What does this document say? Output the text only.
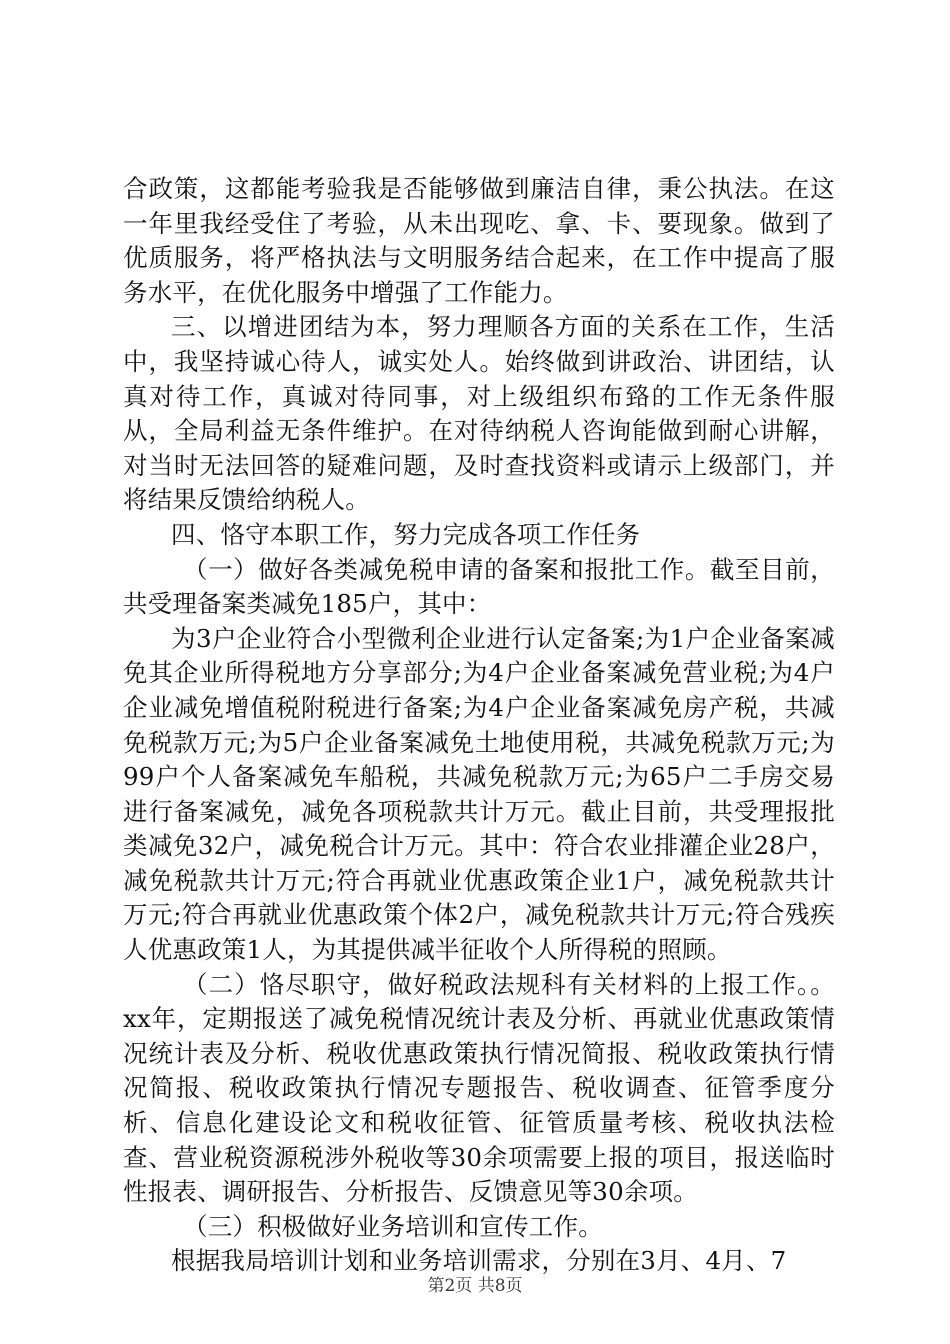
合政策，这都能考验我是否能够做到廉洁自律，秉公执法。在这一年里我经受住了考验，从未出现吃、拿、卡、要现象。做到了优质服务，将严格执法与文明服务结合起来，在工作中提高了服务水平，在优化服务中增强了工作能力。

三、以增进团结为本，努力理顺各方面的关系在工作，生活中，我坚持诚心待人，诚实处人。始终做到讲政治、讲团结，认真对待工作，真诚对待同事，对上级组织布臵的工作无条件服从，全局利益无条件维护。在对待纳税人咨询能做到耐心讲解，对当时无法回答的疑难问题，及时查找资料或请示上级部门，并将结果反馈给纳税人。

四、恪守本职工作，努力完成各项工作任务

（一）做好各类减免税申请的备案和报批工作。截至目前，共受理备案类减免185户，其中：

为3户企业符合小型微利企业进行认定备案;为1户企业备案减免其企业所得税地方分享部分;为4户企业备案减免营业税;为4户企业减免增值税附税进行备案;为4户企业备案减免房产税，共减免税款万元;为5户企业备案减免土地使用税，共减免税款万元;为99户个人备案减免车船税，共减免税款万元;为65户二手房交易进行备案减免，减免各项税款共计万元。截止目前，共受理报批类减免32户，减免税合计万元。其中：符合农业排灌企业28户，减免税款共计万元;符合再就业优惠政策企业1户，减免税款共计万元;符合再就业优惠政策个体2户，减免税款共计万元;符合残疾人优惠政策1人，为其提供减半征收个人所得税的照顾。

（二）恪尽职守，做好税政法规科有关材料的上报工作。。xx年，定期报送了减免税情况统计表及分析、再就业优惠政策情况统计表及分析、税收优惠政策执行情况简报、税收政策执行情况简报、税收政策执行情况专题报告、税收调查、征管季度分析、信息化建设论文和税收征管、征管质量考核、税收执法检查、营业税资源税涉外税收等30余项需要上报的项目，报送临时性报表、调研报告、分析报告、反馈意见等30余项。

（三）积极做好业务培训和宣传工作。

根据我局培训计划和业务培训需求，分别在3月、4月、7

第2页 共8页
